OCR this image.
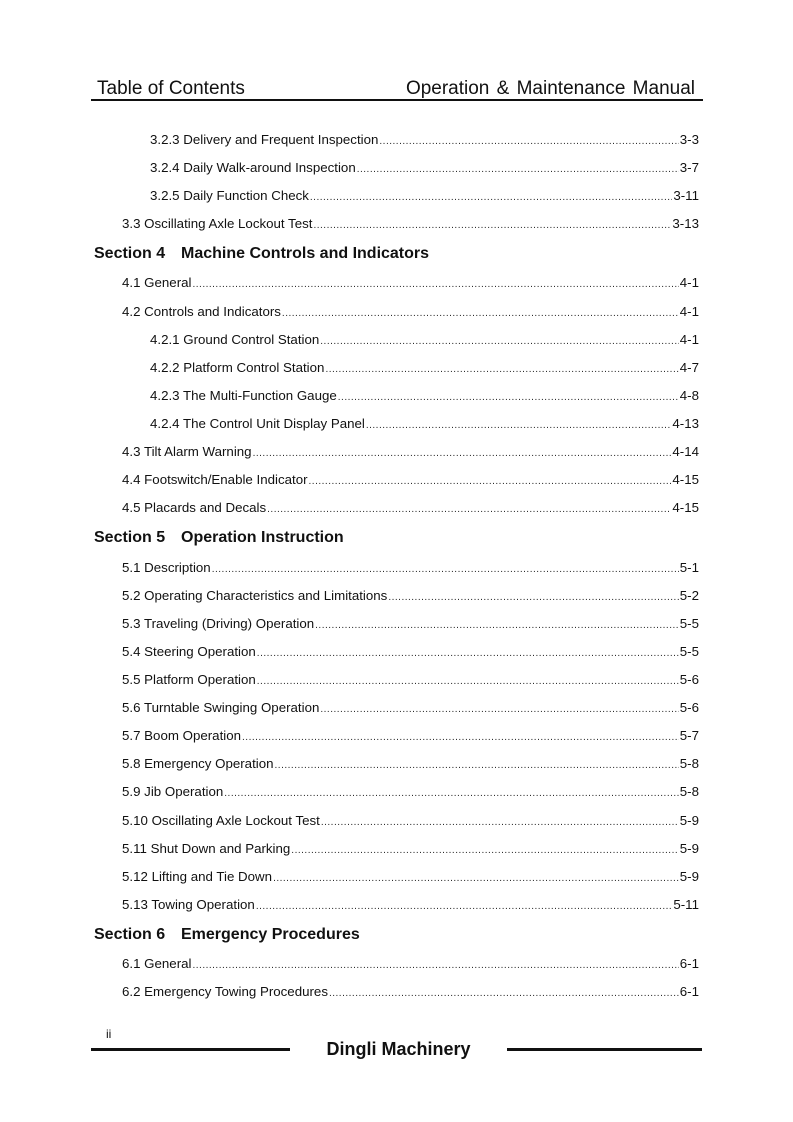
Table of Contents	Operation & Maintenance Manual
3.2.3 Delivery and Frequent Inspection .....	3-3
3.2.4 Daily Walk-around Inspection .....	3-7
3.2.5 Daily Function Check .....	3-11
3.3 Oscillating Axle Lockout Test .....	3-13
Section 4 Machine Controls and Indicators
4.1 General .....	4-1
4.2 Controls and Indicators .....	4-1
4.2.1 Ground Control Station .....	4-1
4.2.2 Platform Control Station .....	4-7
4.2.3 The Multi-Function Gauge .....	4-8
4.2.4 The Control Unit Display Panel .....	4-13
4.3 Tilt Alarm Warning .....	4-14
4.4 Footswitch/Enable Indicator .....	4-15
4.5 Placards and Decals .....	4-15
Section 5 Operation Instruction
5.1 Description .....	5-1
5.2 Operating Characteristics and Limitations .....	5-2
5.3 Traveling (Driving) Operation .....	5-5
5.4 Steering Operation .....	5-5
5.5 Platform Operation .....	5-6
5.6 Turntable Swinging Operation .....	5-6
5.7 Boom Operation .....	5-7
5.8 Emergency Operation .....	5-8
5.9 Jib Operation .....	5-8
5.10 Oscillating Axle Lockout Test .....	5-9
5.11 Shut Down and Parking .....	5-9
5.12 Lifting and Tie Down .....	5-9
5.13 Towing Operation .....	5-11
Section 6 Emergency Procedures
6.1 General .....	6-1
6.2 Emergency Towing Procedures .....	6-1
ii
Dingli Machinery
